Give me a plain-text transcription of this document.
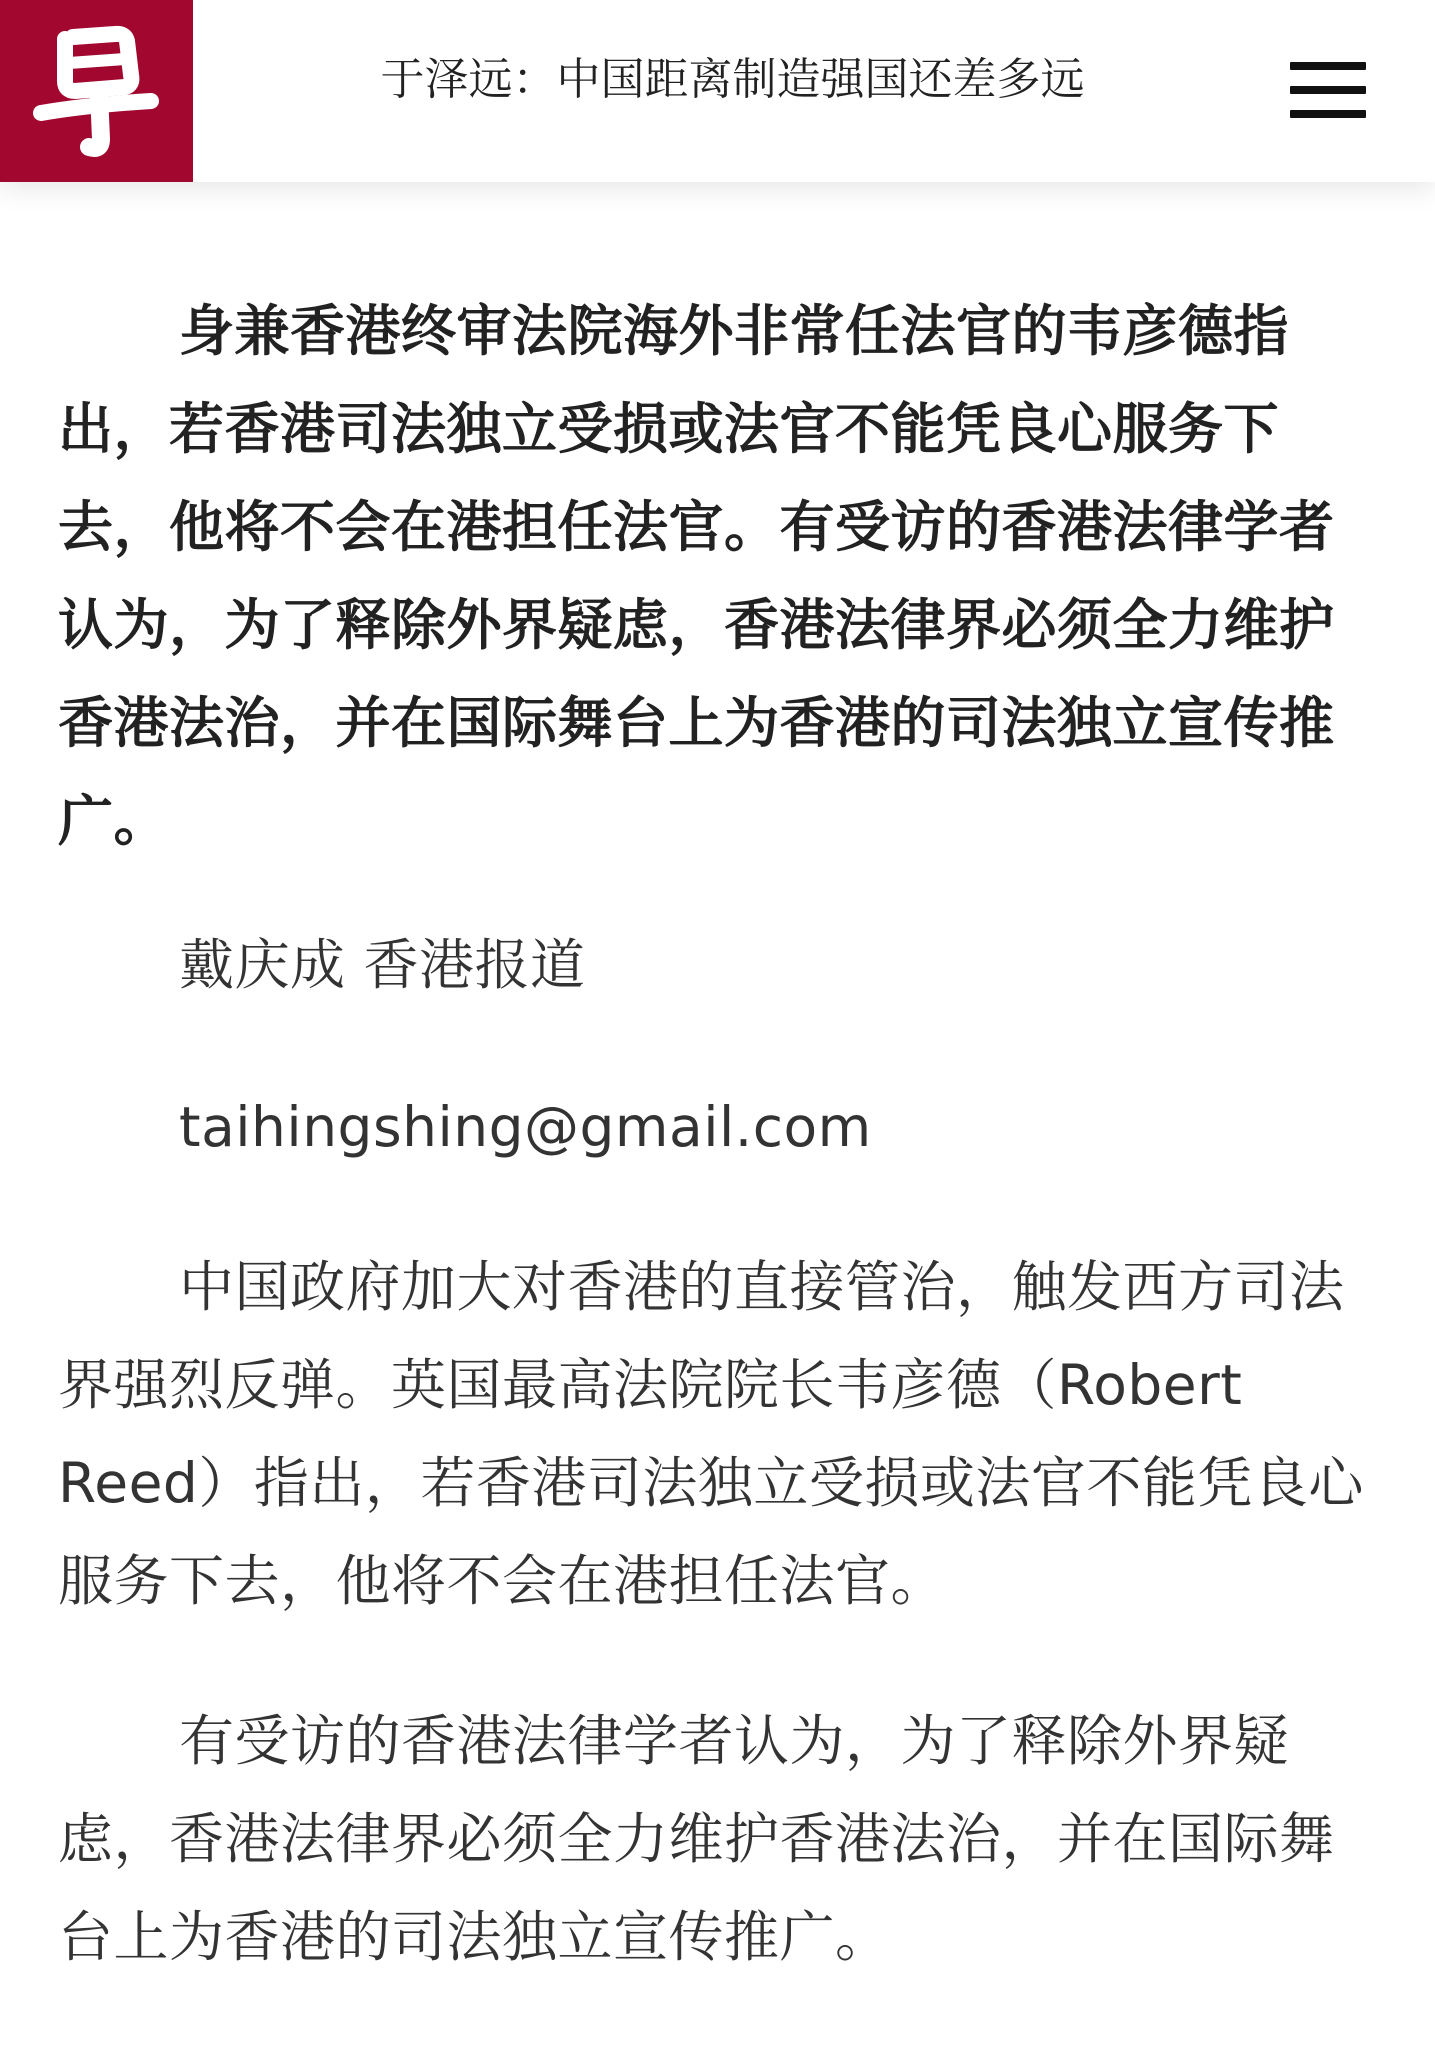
于泽远：中国距离制造强国还差多远

身兼香港终审法院海外非常任法官的韦彦德指出，若香港司法独立受损或法官不能凭良心服务下去，他将不会在港担任法官。有受访的香港法律学者认为，为了释除外界疑虑，香港法律界必须全力维护香港法治，并在国际舞台上为香港的司法独立宣传推广。

戴庆成 香港报道

taihingshing@gmail.com

中国政府加大对香港的直接管治，触发西方司法界强烈反弹。英国最高法院院长韦彦德（Robert Reed）指出，若香港司法独立受损或法官不能凭良心服务下去，他将不会在港担任法官。

有受访的香港法律学者认为，为了释除外界疑虑，香港法律界必须全力维护香港法治，并在国际舞台上为香港的司法独立宣传推广。
